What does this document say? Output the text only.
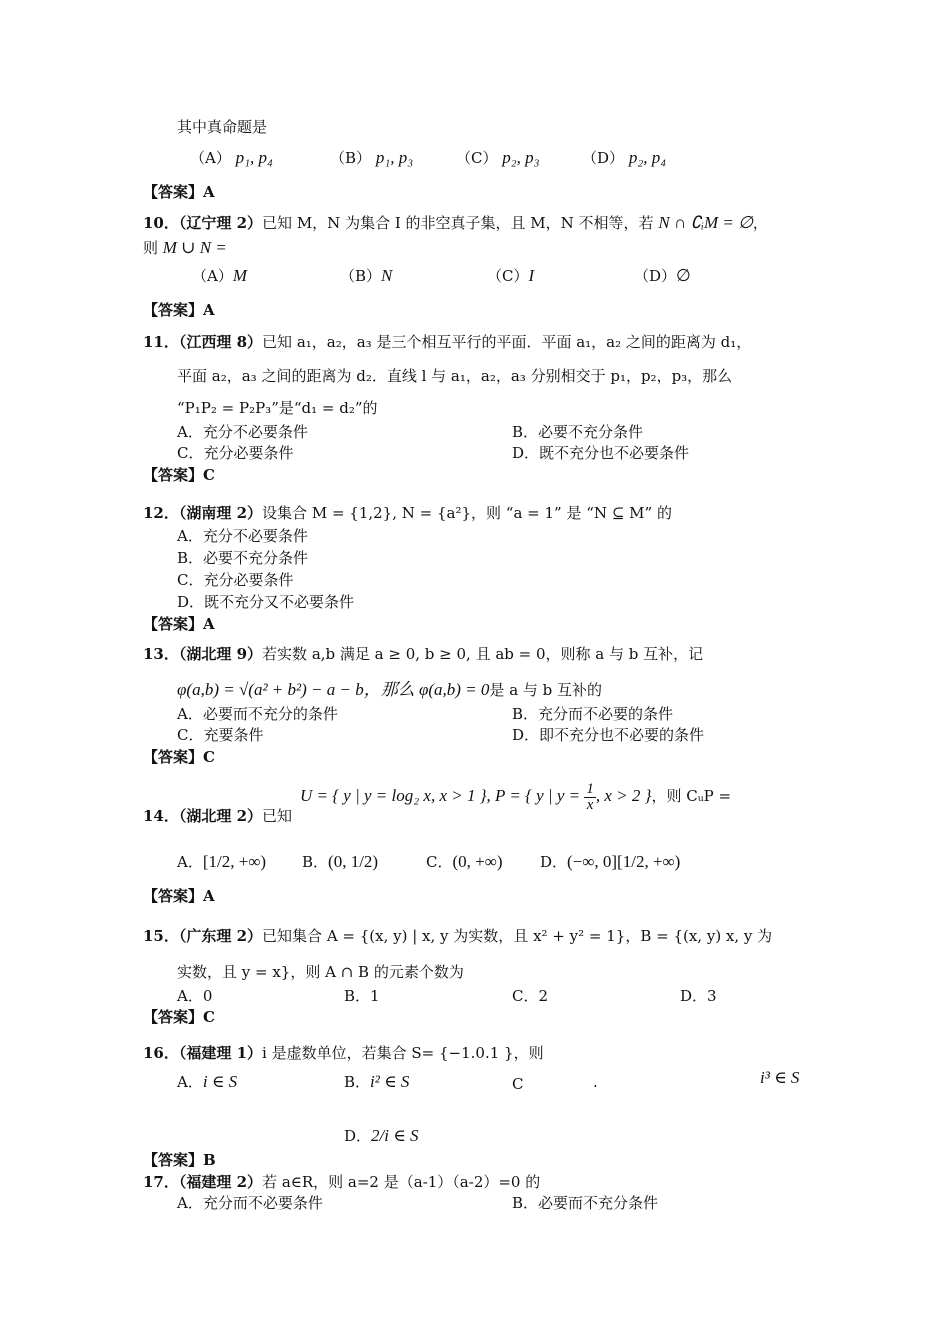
其中真命题是
（A） p₁, p₄	（B） p₁, p₃	（C） p₂, p₃	（D） p₂, p₄
【答案】A
10．（辽宁理 2）已知 M，N 为集合 I 的非空真子集，且 M，N 不相等，若 N ∩ ∁ᵢM = ∅，
则 M ∪ N =
（A）M	（B）N	（C）I	（D）∅
【答案】A
11．（江西理 8）已知 a₁，a₂，a₃ 是三个相互平行的平面．平面 a₁，a₂ 之间的距离为 d₁，
平面 a₂，a₃ 之间的距离为 d₂．直线 l 与 a₁，a₂，a₃ 分别相交于 p₁，p₂，p₃，那么
“P₁P₂ = P₂P₃”是“d₁ = d₂”的
A．充分不必要条件	B．必要不充分条件
C．充分必要条件	D．既不充分也不必要条件
【答案】C
12．（湖南理 2）设集合 M = {1,2}, N = {a²}，则 “a = 1” 是 “N ⊆ M” 的
A．充分不必要条件
B．必要不充分条件
C．充分必要条件
D．既不充分又不必要条件
【答案】A
13．（湖北理 9）若实数 a,b 满足 a ≥ 0, b ≥ 0, 且 ab = 0，则称 a 与 b 互补，记
φ(a,b) = √(a² + b²) − a − b，那么 φ(a,b) = 0是 a 与 b 互补的
A．必要而不充分的条件	B．充分而不必要的条件
C．充要条件	D．即不充分也不必要的条件
【答案】C
U = { y | y = log₂ x, x > 1 }, P = { y | $y = \frac{1}{x}$ , x > 2 }，则 CᵤP =
14．（湖北理 2）已知
A．[1/2, +∞) B．(0, 1/2)	C．(0, +∞) D．(−∞, 0][1/2, +∞)
【答案】A
15．（广东理 2）已知集合 A = {(x, y) | x, y 为实数，且 x² + y² = 1}，B = {(x, y) x, y 为
实数，且 y = x}，则 A ∩ B 的元素个数为
A．0	B．1	C．2	D．3
【答案】C
16．（福建理 1）i 是虚数单位，若集合 S= {−1.0.1 }，则
A．i ∈ S	B．i² ∈ S	C	.	i³ ∈ S
D．2/i ∈ S
【答案】B
17．（福建理 2）若 a∈R，则 a=2 是（a-1）（a-2）=0 的
A．充分而不必要条件	B．必要而不充分条件
